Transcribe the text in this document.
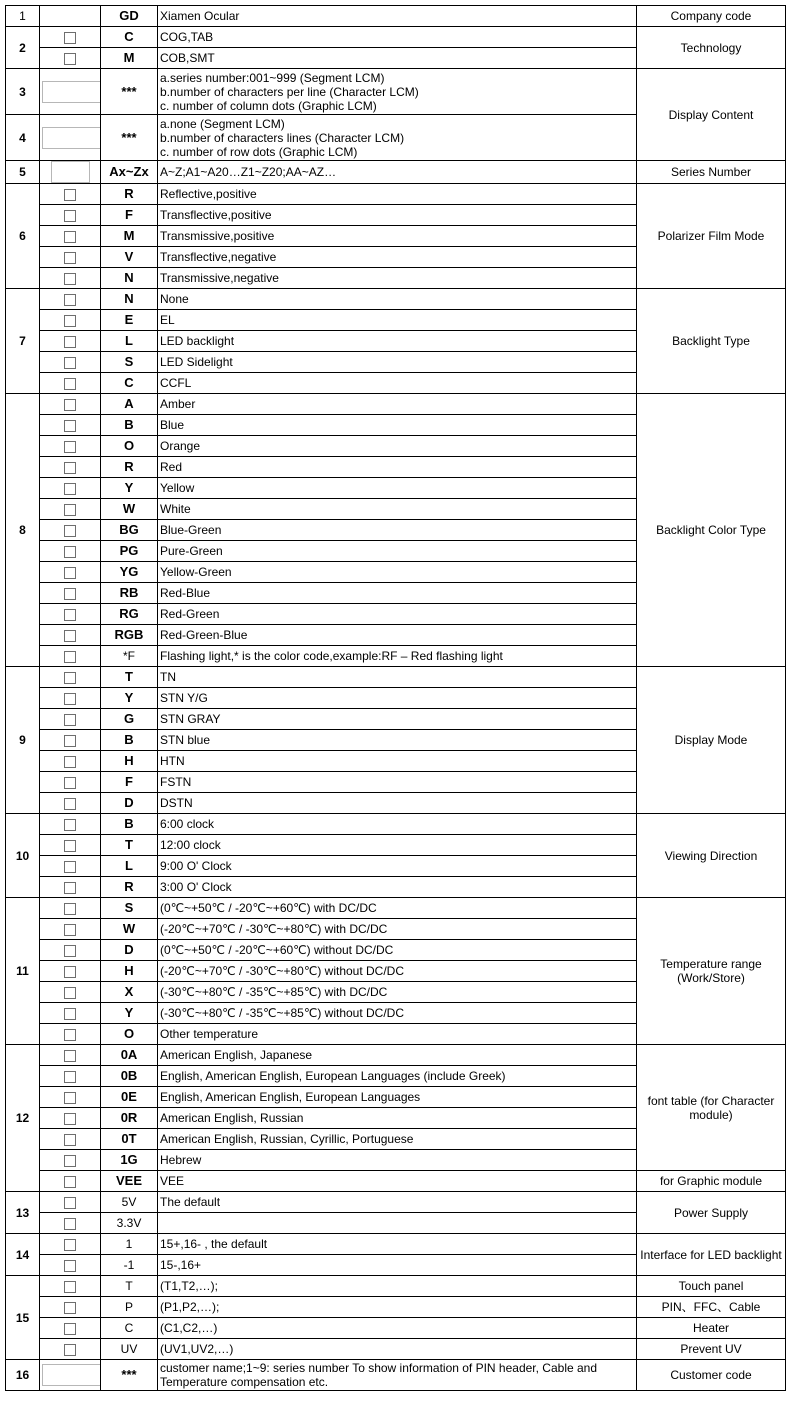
1		GD	Xiamen Ocular	Company code
2		C	COG,TAB	Technology
		M	COB,SMT	
3		***	a.series number:001~999 (Segment LCM)
b.number of characters per line (Character LCM)
c. number of column dots (Graphic LCM)	Display Content
4		***	a.none (Segment LCM)
b.number of characters lines (Character LCM)
c. number of row dots (Graphic LCM)	

5		Ax~Zx	A~Z;A1~A20…Z1~Z20;AA~AZ…	Series Number
6		R	Reflective,positive	Polarizer Film Mode
		F	Transflective,positive	
		M	Transmissive,positive	
		V	Transflective,negative	
		N	Transmissive,negative	
7		N	None	Backlight Type
		E	EL	
		L	LED backlight	
		S	LED Sidelight	
		C	CCFL	
8		A	Amber	Backlight Color Type
		B	Blue	
		O	Orange	
		R	Red	
		Y	Yellow	
		W	White	
		BG	Blue-Green	
		PG	Pure-Green	
		YG	Yellow-Green	
		RB	Red-Blue	
		RG	Red-Green	
		RGB	Red-Green-Blue	
		*F	Flashing light,* is the color code,example:RF – Red flashing light	
9		T	TN	Display Mode
		Y	STN Y/G	
		G	STN GRAY	
		B	STN blue	
		H	HTN	
		F	FSTN	
		D	DSTN	
10		B	6:00 clock	Viewing Direction
		T	12:00 clock	
		L	9:00 O' Clock	
		R	3:00 O' Clock	
11		S	(0℃~+50℃ / -20℃~+60℃) with DC/DC	Temperature range (Work/Store)
		W	(-20℃~+70℃ / -30℃~+80℃) with DC/DC	
		D	(0℃~+50℃ / -20℃~+60℃) without DC/DC	
		H	(-20℃~+70℃ / -30℃~+80℃) without DC/DC	
		X	(-30℃~+80℃ / -35℃~+85℃) with DC/DC	
		Y	(-30℃~+80℃ / -35℃~+85℃) without DC/DC	
		O	Other temperature	
12		0A	American English, Japanese	font table (for Character module)
		0B	English, American English, European Languages (include Greek)	
		0E	English, American English, European Languages	
		0R	American English, Russian	
		0T	American English, Russian, Cyrillic, Portuguese	
		1G	Hebrew	
		VEE	VEE	for Graphic module
13		5V	The default	Power Supply
		3.3V		
14		1	15+,16- , the default	Interface for LED backlight
		-1	15-,16+	
15		T	(T1,T2,…);	Touch panel
		P	(P1,P2,…);	PIN、FFC、Cable
		C	(C1,C2,…)	Heater
		UV	(UV1,UV2,…)	Prevent UV
16		***	customer name;1~9: series number To show information of PIN header, Cable and Temperature compensation etc.	Customer code
